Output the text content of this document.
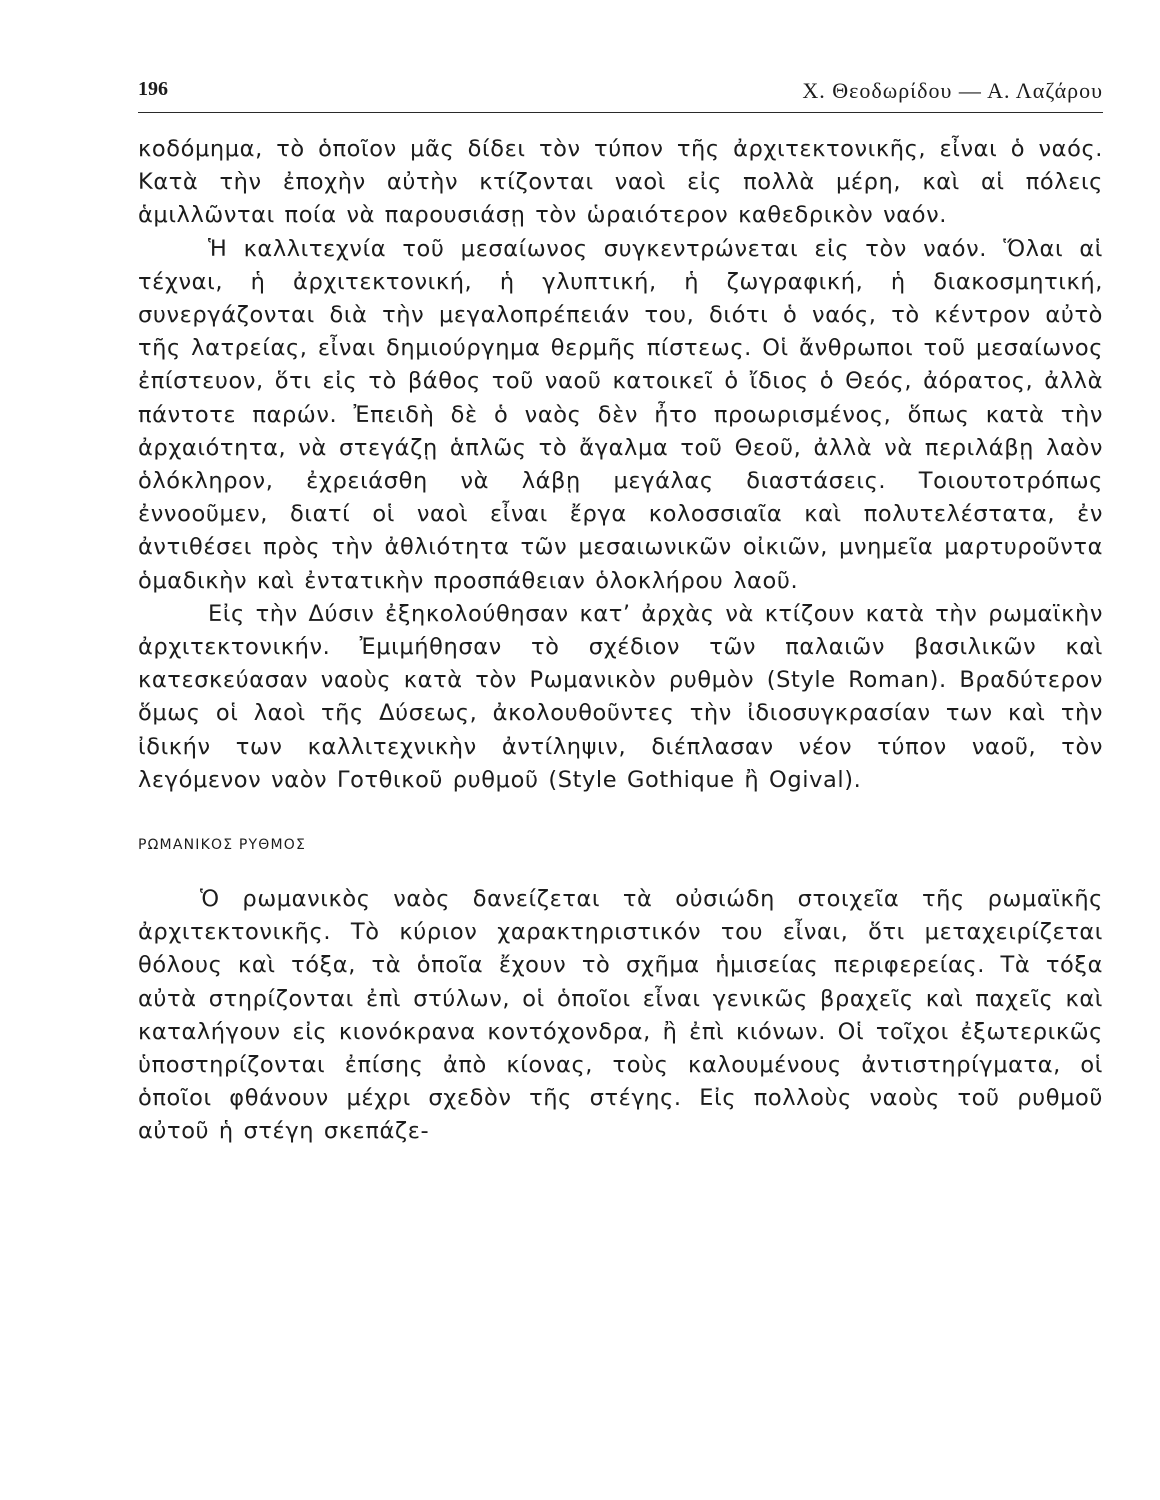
196	Χ. Θεοδωρίδου — Α. Λαζάρου

κοδόμημα, τὸ ὁποῖον μᾶς δίδει τὸν τύπον τῆς ἀρχιτεκτονικῆς, εἶναι ὁ ναός. Κατὰ τὴν ἐποχὴν αὐτὴν κτίζονται ναοὶ εἰς πολλὰ μέρη, καὶ αἱ πόλεις ἁμιλλῶνται ποία νὰ παρουσιάσῃ τὸν ὡραιότερον καθεδρικὸν ναόν.

Ἡ καλλιτεχνία τοῦ μεσαίωνος συγκεντρώνεται εἰς τὸν ναόν. Ὅλαι αἱ τέχναι, ἡ ἀρχιτεκτονική, ἡ γλυπτική, ἡ ζωγραφική, ἡ διακοσμητική, συνεργάζονται διὰ τὴν μεγαλοπρέπειάν του, διότι ὁ ναός, τὸ κέντρον αὐτὸ τῆς λατρείας, εἶναι δημιούργημα θερμῆς πίστεως. Οἱ ἄνθρωποι τοῦ μεσαίωνος ἐπίστευον, ὅτι εἰς τὸ βάθος τοῦ ναοῦ κατοικεῖ ὁ ἴδιος ὁ Θεός, ἀόρατος, ἀλλὰ πάντοτε παρών. Ἐπειδὴ δὲ ὁ ναὸς δὲν ἦτο προωρισμένος, ὅπως κατὰ τὴν ἀρχαιότητα, νὰ στεγάζῃ ἁπλῶς τὸ ἄγαλμα τοῦ Θεοῦ, ἀλλὰ νὰ περιλάβῃ λαὸν ὁλόκληρον, ἐχρειάσθη νὰ λάβῃ μεγάλας διαστάσεις. Τοιουτοτρόπως ἐννοοῦμεν, διατί οἱ ναοὶ εἶναι ἔργα κολοσσιαῖα καὶ πολυτελέστατα, ἐν ἀντιθέσει πρὸς τὴν ἀθλιότητα τῶν μεσαιωνικῶν οἰκιῶν, μνημεῖα μαρτυροῦντα ὁμαδικὴν καὶ ἐντατικὴν προσπάθειαν ὁλοκλήρου λαοῦ.

Εἰς τὴν Δύσιν ἐξηκολούθησαν κατ’ ἀρχὰς νὰ κτίζουν κατὰ τὴν ρωμαϊκὴν ἀρχιτεκτονικήν. Ἐμιμήθησαν τὸ σχέδιον τῶν παλαιῶν βασιλικῶν καὶ κατεσκεύασαν ναοὺς κατὰ τὸν Ρωμανικὸν ρυθμὸν (Style Roman). Βραδύτερον ὅμως οἱ λαοὶ τῆς Δύσεως, ἀκολουθοῦντες τὴν ἰδιοσυγκρασίαν των καὶ τὴν ἰδικήν των καλλιτεχνικὴν ἀντίληψιν, διέπλασαν νέον τύπον ναοῦ, τὸν λεγόμενον ναὸν Γοτθικοῦ ρυθμοῦ (Style Gothique ἢ Ogival).

ΡΩΜΑΝΙΚΟΣ ΡΥΘΜΟΣ

Ὁ ρωμανικὸς ναὸς δανείζεται τὰ οὐσιώδη στοιχεῖα τῆς ρωμαϊκῆς ἀρχιτεκτονικῆς. Τὸ κύριον χαρακτηριστικόν του εἶναι, ὅτι μεταχειρίζεται θόλους καὶ τόξα, τὰ ὁποῖα ἔχουν τὸ σχῆμα ἡμισείας περιφερείας. Τὰ τόξα αὐτὰ στηρίζονται ἐπὶ στύλων, οἱ ὁποῖοι εἶναι γενικῶς βραχεῖς καὶ παχεῖς καὶ καταλήγουν εἰς κιονόκρανα κοντόχονδρα, ἢ ἐπὶ κιόνων. Οἱ τοῖχοι ἐξωτερικῶς ὑποστηρίζονται ἐπίσης ἀπὸ κίονας, τοὺς καλουμένους ἀντιστηρίγματα, οἱ ὁποῖοι φθάνουν μέχρι σχεδὸν τῆς στέγης. Εἰς πολλοὺς ναοὺς τοῦ ρυθμοῦ αὐτοῦ ἡ στέγη σκεπάζε-
